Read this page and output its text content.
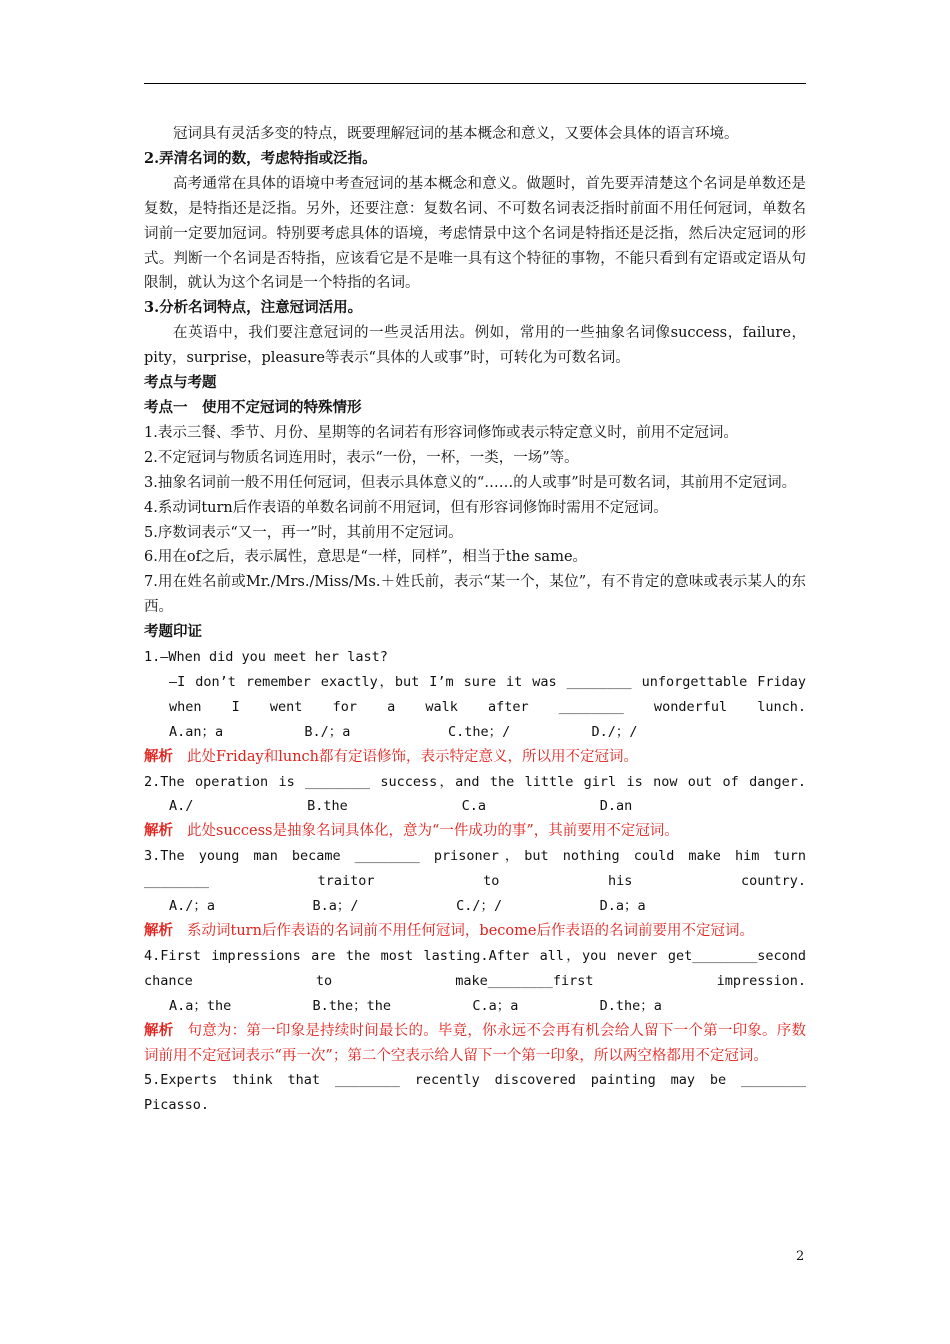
冠词具有灵活多变的特点，既要理解冠词的基本概念和意义，又要体会具体的语言环境。

2.弄清名词的数，考虑特指或泛指。

高考通常在具体的语境中考查冠词的基本概念和意义。做题时，首先要弄清楚这个名词是单数还是复数，是特指还是泛指。另外，还要注意：复数名词、不可数名词表泛指时前面不用任何冠词，单数名词前一定要加冠词。特别要考虑具体的语境，考虑情景中这个名词是特指还是泛指，然后决定冠词的形式。判断一个名词是否特指，应该看它是不是唯一具有这个特征的事物，不能只看到有定语或定语从句限制，就认为这个名词是一个特指的名词。

3.分析名词特点，注意冠词活用。

在英语中，我们要注意冠词的一些灵活用法。例如，常用的一些抽象名词像success，failure，pity，surprise，pleasure等表示“具体的人或事”时，可转化为可数名词。

考点与考题

考点一　使用不定冠词的特殊情形

1.表示三餐、季节、月份、星期等的名词若有形容词修饰或表示特定意义时，前用不定冠词。

2.不定冠词与物质名词连用时，表示“一份，一杯，一类，一场”等。

3.抽象名词前一般不用任何冠词，但表示具体意义的“……的人或事”时是可数名词，其前用不定冠词。

4.系动词turn后作表语的单数名词前不用冠词，但有形容词修饰时需用不定冠词。

5.序数词表示“又一，再一”时，其前用不定冠词。

6.用在of之后，表示属性，意思是“一样，同样”，相当于the same。

7.用在姓名前或Mr./Mrs./Miss/Ms.＋姓氏前，表示“某一个，某位”，有不肯定的意味或表示某人的东西。

考题印证

1.—When did you meet her last?

—I don’t remember exactly，but I’m sure it was ________ unforgettable Friday when I went for a walk after ________ wonderful lunch.

A.an；a          B./；a            C.the；/          D./；/

解析 此处Friday和lunch都有定语修饰，表示特定意义，所以用不定冠词。

2.The operation is ________ success，and the little girl is now out of danger.

A./              B.the              C.a              D.an

解析 此处success是抽象名词具体化，意为“一件成功的事”，其前要用不定冠词。

3.The young man became ________ prisoner，but nothing could make him turn ________ traitor to his country.

A./；a            B.a；/            C./；/            D.a；a

解析 系动词turn后作表语的名词前不用任何冠词，become后作表语的名词前要用不定冠词。

4.First impressions are the most lasting.After all，you never get________second chance to make________first impression.

A.a；the          B.the；the          C.a；a          D.the；a

解析 句意为：第一印象是持续时间最长的。毕竟，你永远不会再有机会给人留下一个第一印象。序数词前用不定冠词表示“再一次”；第二个空表示给人留下一个第一印象，所以两空格都用不定冠词。

5.Experts think that ________ recently discovered painting may be ________ Picasso.

2
